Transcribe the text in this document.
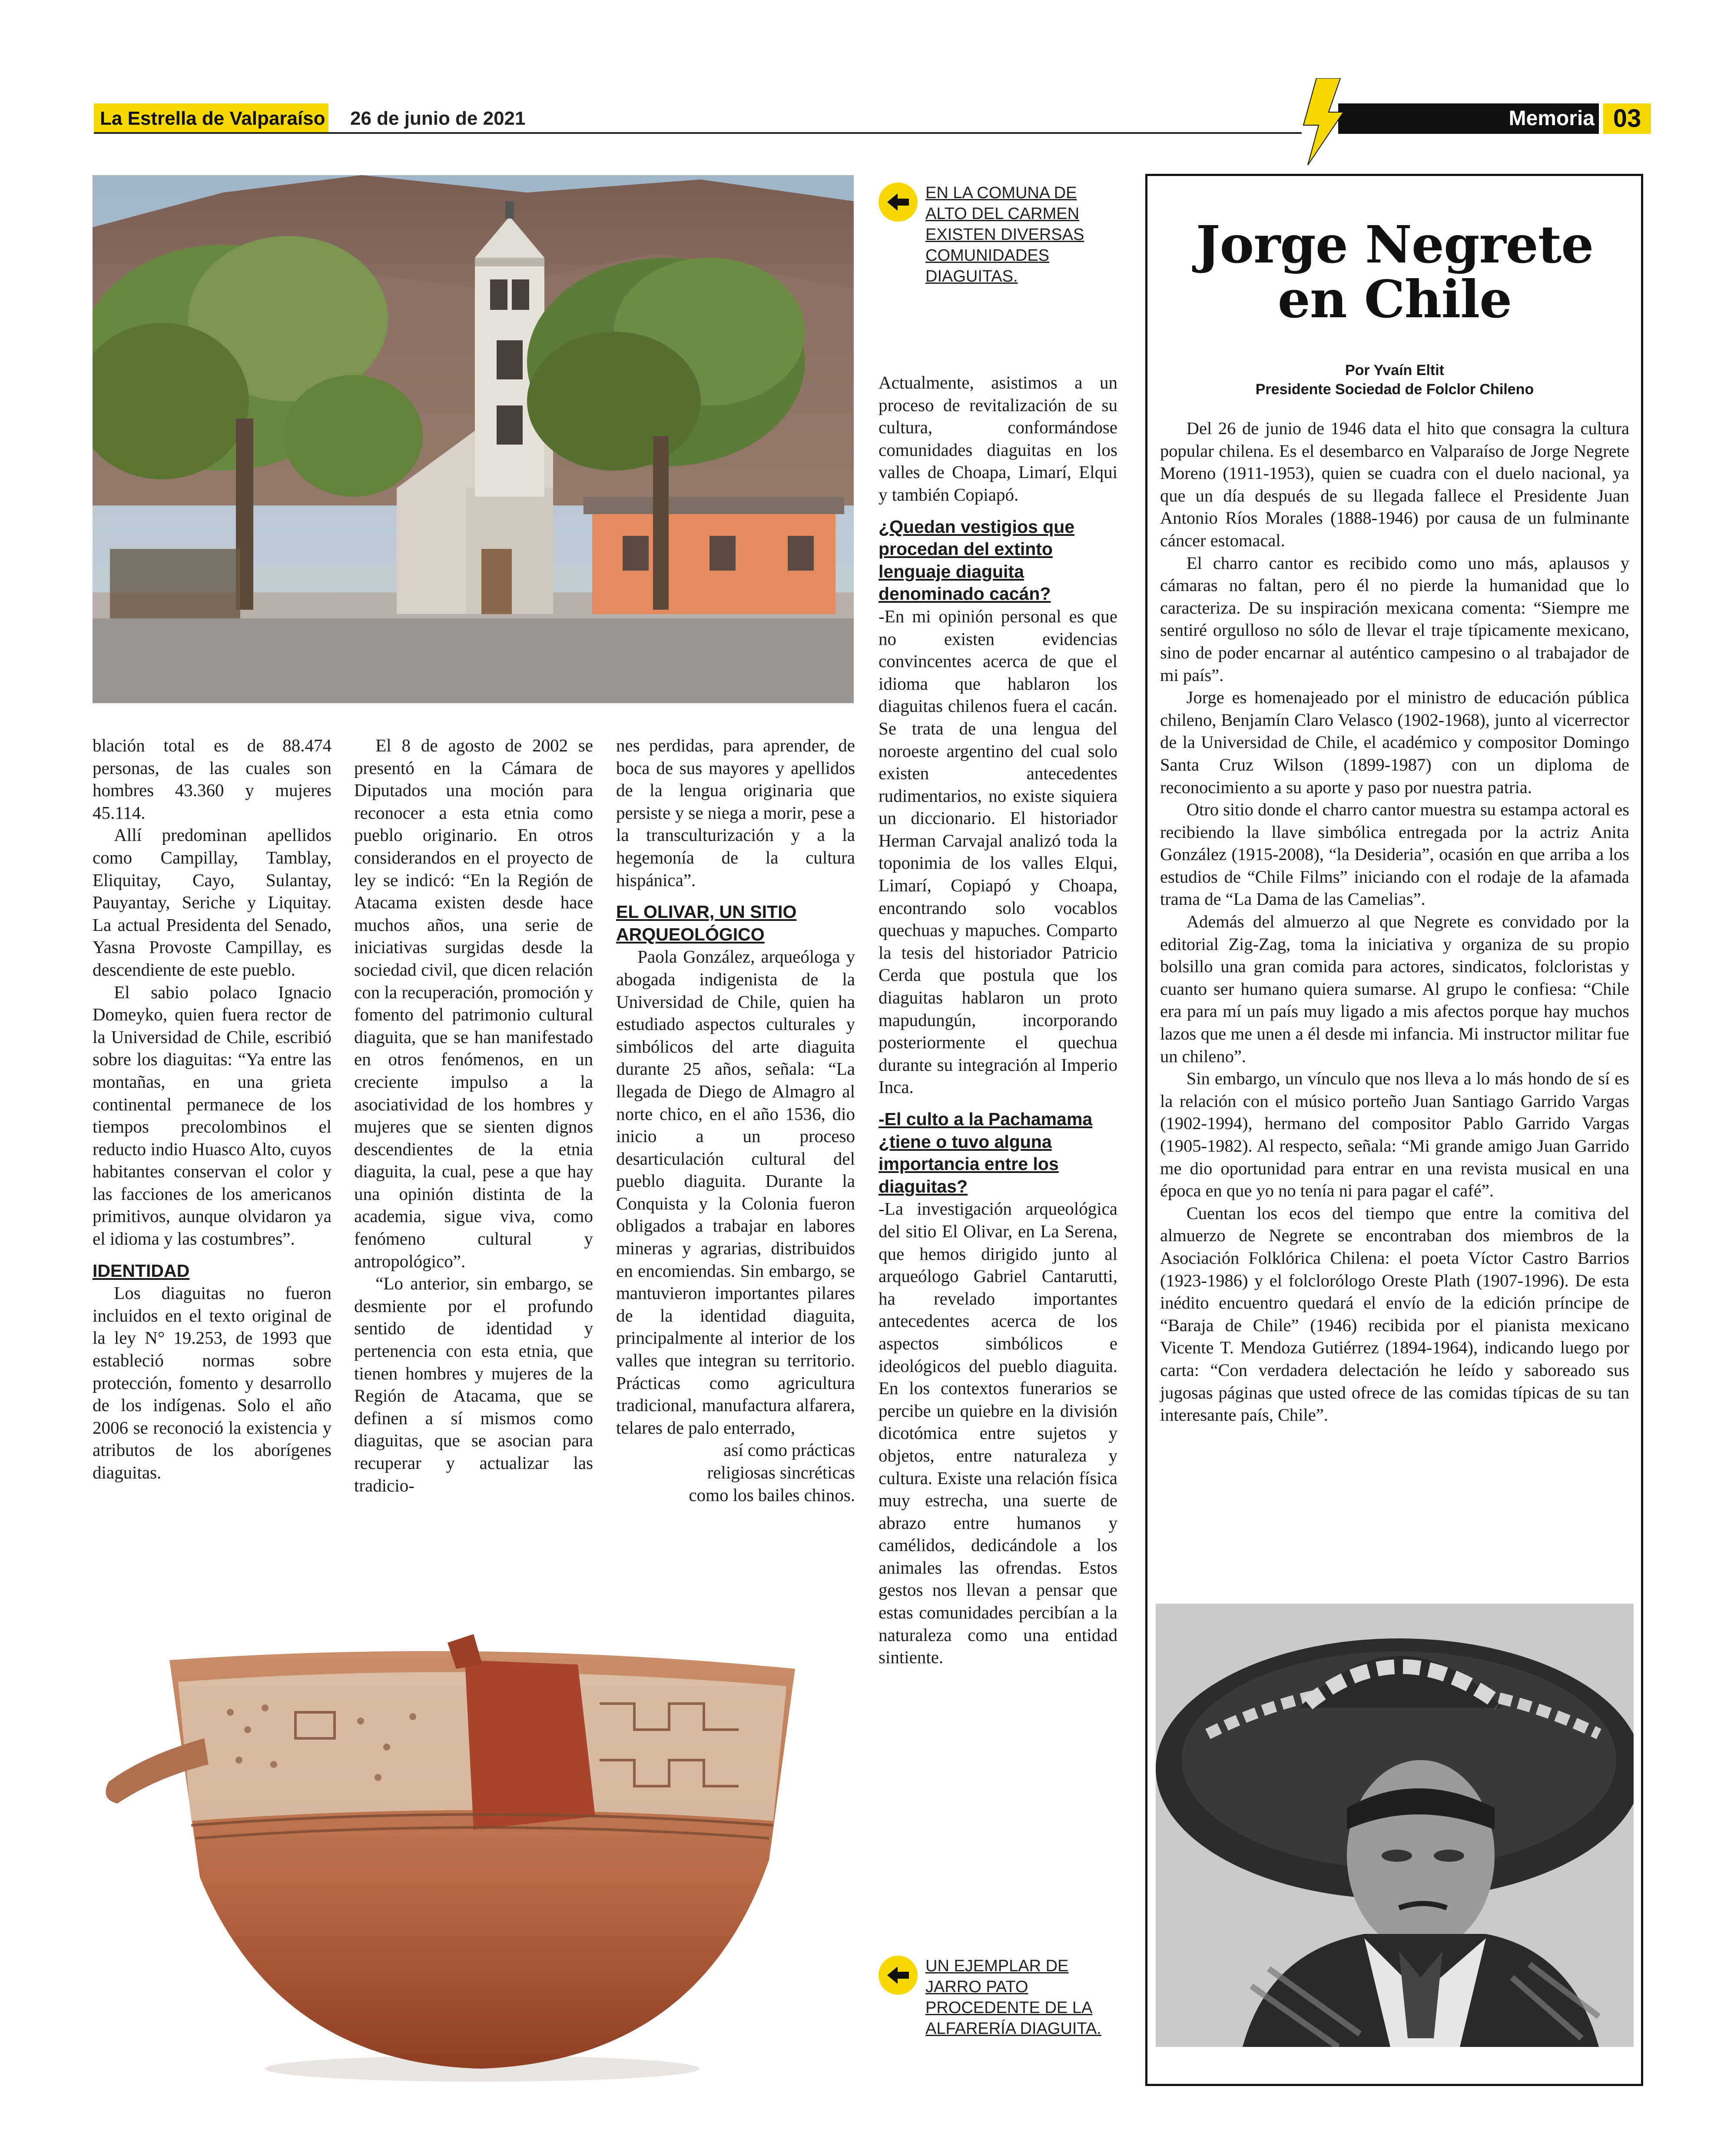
La Estrella de Valparaíso 26 de junio de 2021	Memoria 03
EN LA COMUNA DE ALTO DEL CARMEN EXISTEN DIVERSAS COMUNIDADES DIAGUITAS.

blación total es de 88.474 personas, de las cuales son hombres 43.360 y mujeres 45.114.

Allí predominan apellidos como Campillay, Tamblay, Eliquitay, Cayo, Sulantay, Pauyantay, Seriche y Liquitay. La actual Presidenta del Senado, Yasna Provoste Campillay, es descendiente de este pueblo.

El sabio polaco Ignacio Domeyko, quien fuera rector de la Universidad de Chile, escribió sobre los diaguitas: “Ya entre las montañas, en una grieta continental permanece de los tiempos precolombinos el reducto indio Huasco Alto, cuyos habitantes conservan el color y las facciones de los americanos primitivos, aunque olvidaron ya el idioma y las costumbres”.

IDENTIDAD

Los diaguitas no fueron incluidos en el texto original de la ley N° 19.253, de 1993 que estableció normas sobre protección, fomento y desarrollo de los indígenas. Solo el año 2006 se reconoció la existencia y atributos de los aborígenes diaguitas.

El 8 de agosto de 2002 se presentó en la Cámara de Diputados una moción para reconocer a esta etnia como pueblo originario. En otros considerandos en el proyecto de ley se indicó: “En la Región de Atacama existen desde hace muchos años, una serie de iniciativas surgidas desde la sociedad civil, que dicen relación con la recuperación, promoción y fomento del patrimonio cultural diaguita, que se han manifestado en otros fenómenos, en un creciente impulso a la asociatividad de los hombres y mujeres que se sienten dignos descendientes de la etnia diaguita, la cual, pese a que hay una opinión distinta de la academia, sigue viva, como fenómeno cultural y antropológico”.

“Lo anterior, sin embargo, se desmiente por el profundo sentido de identidad y pertenencia con esta etnia, que tienen hombres y mujeres de la Región de Atacama, que se definen a sí mismos como diaguitas, que se asocian para recuperar y actualizar las tradicio-

nes perdidas, para aprender, de boca de sus mayores y apellidos de la lengua originaria que persiste y se niega a morir, pese a la transculturización y a la hegemonía de la cultura hispánica”.

EL OLIVAR, UN SITIO ARQUEOLÓGICO

Paola González, arqueóloga y abogada indigenista de la Universidad de Chile, quien ha estudiado aspectos culturales y simbólicos del arte diaguita durante 25 años, señala: “La llegada de Diego de Almagro al norte chico, en el año 1536, dio inicio a un proceso desarticulación cultural del pueblo diaguita. Durante la Conquista y la Colonia fueron obligados a trabajar en labores mineras y agrarias, distribuidos en encomiendas. Sin embargo, se mantuvieron importantes pilares de la identidad diaguita, principalmente al interior de los valles que integran su territorio. Prácticas como agricultura tradicional, manufactura alfarera, telares de palo enterrado,

así como prácticas religiosas sincréticas como los bailes chinos.

Actualmente, asistimos a un proceso de revitalización de su cultura, conformándose comunidades diaguitas en los valles de Choapa, Limarí, Elqui y también Copiapó.

¿Quedan vestigios que procedan del extinto lenguaje diaguita denominado cacán?

-En mi opinión personal es que no existen evidencias convincentes acerca de que el idioma que hablaron los diaguitas chilenos fuera el cacán. Se trata de una lengua del noroeste argentino del cual solo existen antecedentes rudimentarios, no existe siquiera un diccionario. El historiador Herman Carvajal analizó toda la toponimia de los valles Elqui, Limarí, Copiapó y Choapa, encontrando solo vocablos quechuas y mapuches. Comparto la tesis del historiador Patricio Cerda que postula que los diaguitas hablaron un proto mapudungún, incorporando posteriormente el quechua durante su integración al Imperio Inca.

-El culto a la Pachamama ¿tiene o tuvo alguna importancia entre los diaguitas?

-La investigación arqueológica del sitio El Olivar, en La Serena, que hemos dirigido junto al arqueólogo Gabriel Cantarutti, ha revelado importantes antecedentes acerca de los aspectos simbólicos e ideológicos del pueblo diaguita. En los contextos funerarios se percibe un quiebre en la división dicotómica entre sujetos y objetos, entre naturaleza y cultura. Existe una relación física muy estrecha, una suerte de abrazo entre humanos y camélidos, dedicándole a los animales las ofrendas. Estos gestos nos llevan a pensar que estas comunidades percibían a la naturaleza como una entidad sintiente.

UN EJEMPLAR DE JARRO PATO PROCEDENTE DE LA ALFARERÍA DIAGUITA.
Jorge Negrete
en Chile
Por Yvaín Eltit
Presidente Sociedad de Folclor Chileno

Del 26 de junio de 1946 data el hito que consagra la cultura popular chilena. Es el desembarco en Valparaíso de Jorge Negrete Moreno (1911-1953), quien se cuadra con el duelo nacional, ya que un día después de su llegada fallece el Presidente Juan Antonio Ríos Morales (1888-1946) por causa de un fulminante cáncer estomacal.

El charro cantor es recibido como uno más, aplausos y cámaras no faltan, pero él no pierde la humanidad que lo caracteriza. De su inspiración mexicana comenta: “Siempre me sentiré orgulloso no sólo de llevar el traje típicamente mexicano, sino de poder encarnar al auténtico campesino o al trabajador de mi país”.

Jorge es homenajeado por el ministro de educación pública chileno, Benjamín Claro Velasco (1902-1968), junto al vicerrector de la Universidad de Chile, el académico y compositor Domingo Santa Cruz Wilson (1899-1987) con un diploma de reconocimiento a su aporte y paso por nuestra patria.

Otro sitio donde el charro cantor muestra su estampa actoral es recibiendo la llave simbólica entregada por la actriz Anita González (1915-2008), “la Desideria”, ocasión en que arriba a los estudios de “Chile Films” iniciando con el rodaje de la afamada trama de “La Dama de las Camelias”.

Además del almuerzo al que Negrete es convidado por la editorial Zig-Zag, toma la iniciativa y organiza de su propio bolsillo una gran comida para actores, sindicatos, folcloristas y cuanto ser humano quiera sumarse. Al grupo le confiesa: “Chile era para mí un país muy ligado a mis afectos porque hay muchos lazos que me unen a él desde mi infancia. Mi instructor militar fue un chileno”.

Sin embargo, un vínculo que nos lleva a lo más hondo de sí es la relación con el músico porteño Juan Santiago Garrido Vargas (1902-1994), hermano del compositor Pablo Garrido Vargas (1905-1982). Al respecto, señala: “Mi grande amigo Juan Garrido me dio oportunidad para entrar en una revista musical en una época en que yo no tenía ni para pagar el café”.

Cuentan los ecos del tiempo que entre la comitiva del almuerzo de Negrete se encontraban dos miembros de la Asociación Folklórica Chilena: el poeta Víctor Castro Barrios (1923-1986) y el folclorólogo Oreste Plath (1907-1996). De esta inédito encuentro quedará el envío de la edición príncipe de “Baraja de Chile” (1946) recibida por el pianista mexicano Vicente T. Mendoza Gutiérrez (1894-1964), indicando luego por carta: “Con verdadera delectación he leído y saboreado sus jugosas páginas que usted ofrece de las comidas típicas de su tan interesante país, Chile”.
